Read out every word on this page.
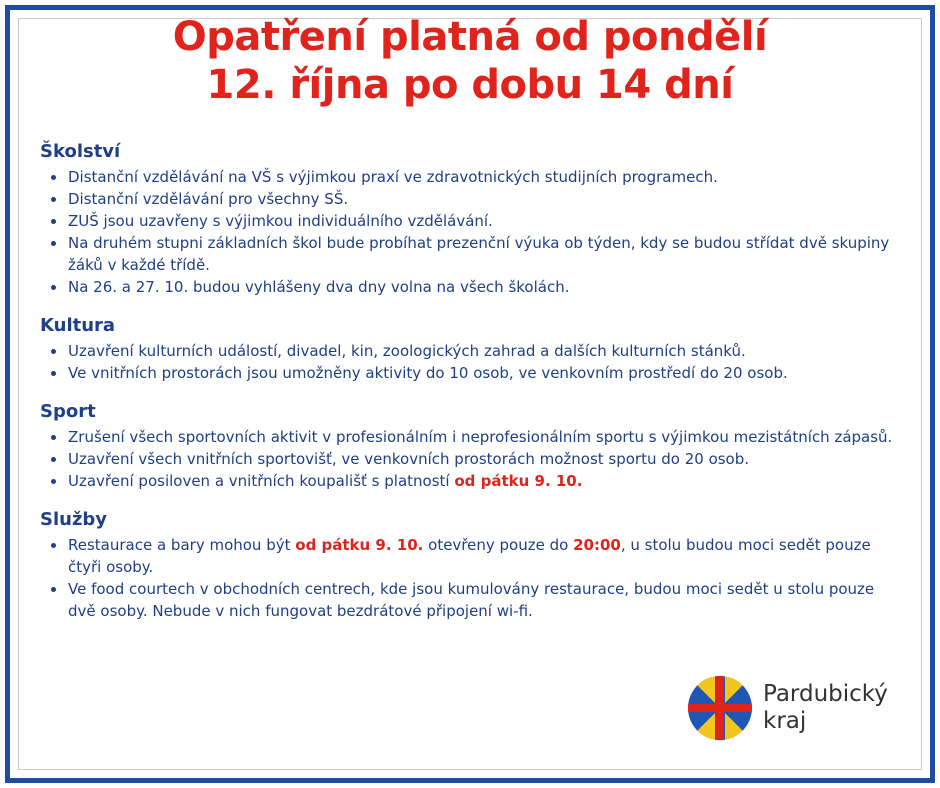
Opatření platná od pondělí
12. října po dobu 14 dní
Školství
Distanční vzdělávání na VŠ s výjimkou praxí ve zdravotnických studijních programech.
Distanční vzdělávání pro všechny SŠ.
ZUŠ jsou uzavřeny s výjimkou individuálního vzdělávání.
Na druhém stupni základních škol bude probíhat prezenční výuka ob týden, kdy se budou střídat dvě skupiny žáků v každé třídě.
Na 26. a 27. 10. budou vyhlášeny dva dny volna na všech školách.
Kultura
Uzavření kulturních událostí, divadel, kin, zoologických zahrad a dalších kulturních stánků.
Ve vnitřních prostorách jsou umožněny aktivity do 10 osob, ve venkovním prostředí do 20 osob.
Sport
Zrušení všech sportovních aktivit v profesionálním i neprofesionálním sportu s výjimkou mezistátních zápasů.
Uzavření všech vnitřních sportovišť, ve venkovních prostorách možnost sportu do 20 osob.
Uzavření posiloven a vnitřních koupališť s platností od pátku 9. 10.
Služby
Restaurace a bary mohou být od pátku 9. 10. otevřeny pouze do 20:00, u stolu budou moci sedět pouze čtyři osoby.
Ve food courtech v obchodních centrech, kde jsou kumulovány restaurace, budou moci sedět u stolu pouze dvě osoby. Nebude v nich fungovat bezdrátové připojení wi-fi.
Pardubický
kraj
